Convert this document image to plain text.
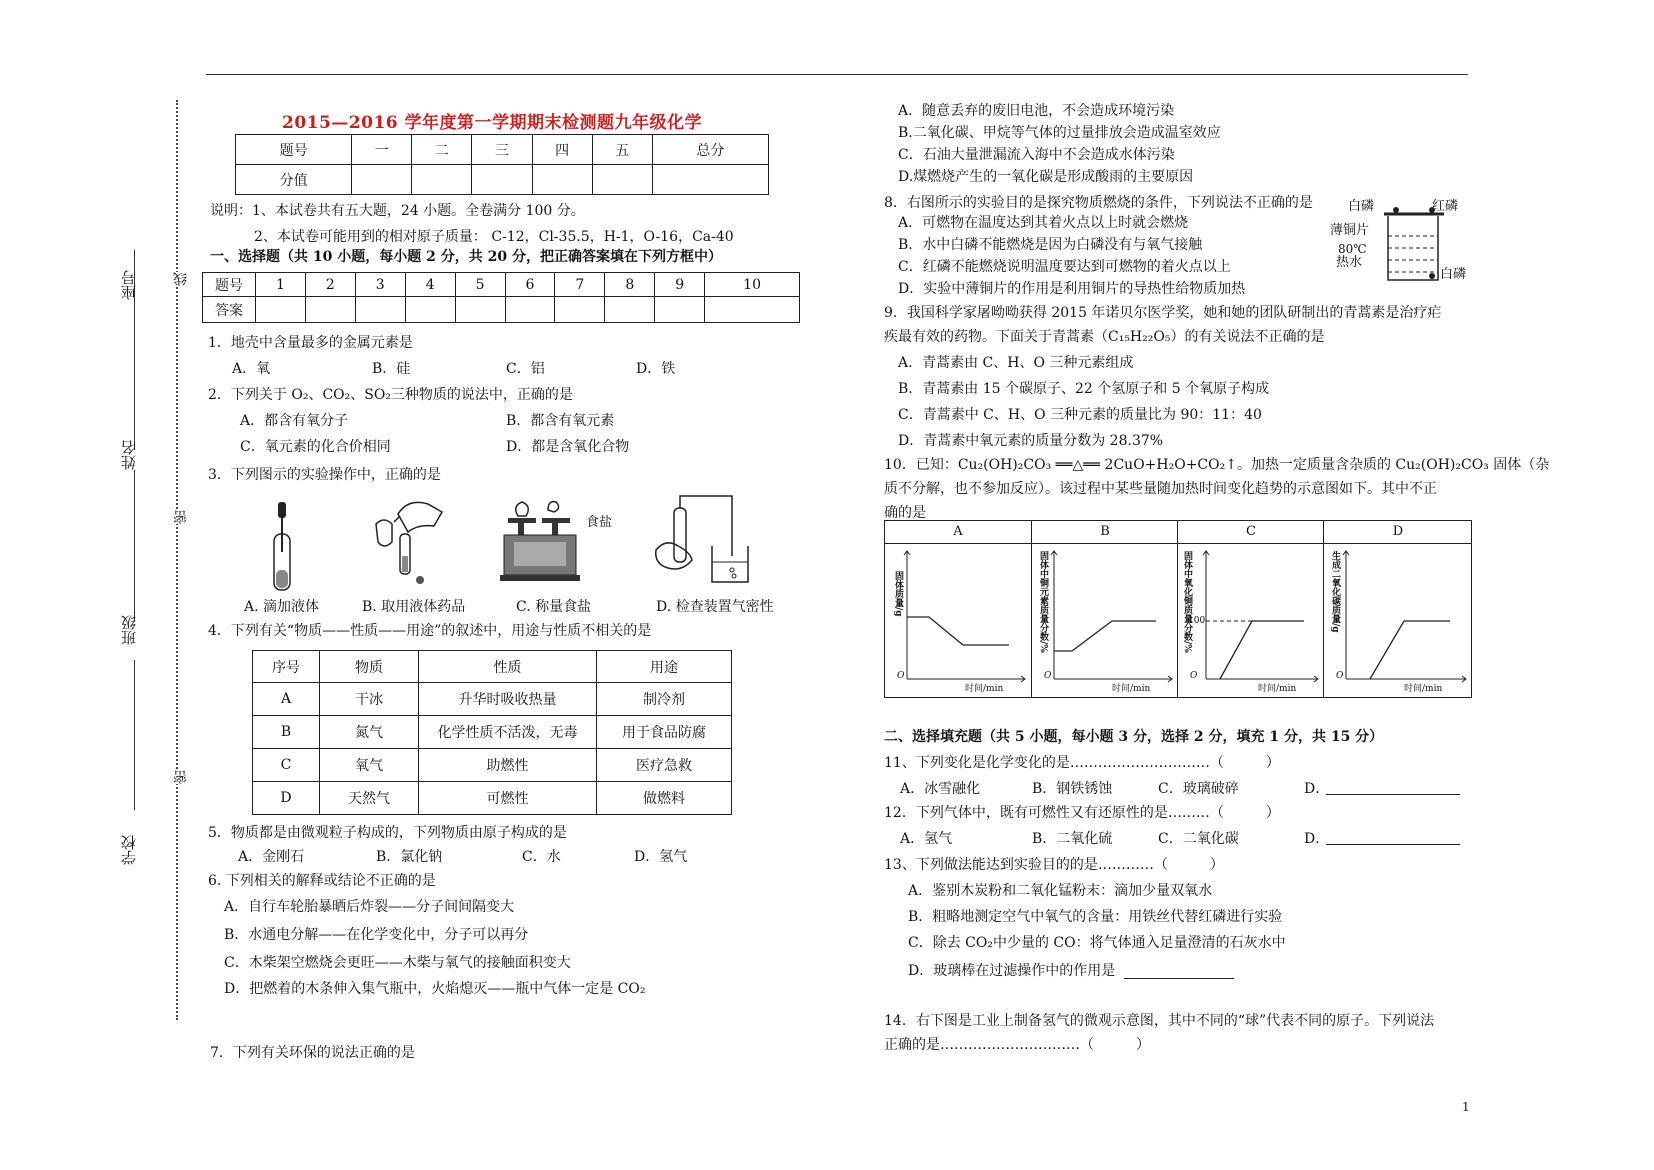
座号
姓名
班级
学校
线
密
密
2015—2016 学年度第一学期期末检测题九年级化学
题号	一	二	三	四	五	总分
分值						
说明：1、本试卷共有五大题，24 小题。全卷满分 100 分。
2、本试卷可能用到的相对原子质量： C-12，Cl-35.5，H-1，O-16，Ca-40
一、选择题（共 10 小题，每小题 2 分，共 20 分，把正确答案填在下列方框中）
题号	1	2	3	4	5	6	7	8	9	10
答案										
1．地壳中含量最多的金属元素是
A．氧	B．硅	C．铝	D．铁
2．下列关于 O₂、CO₂、SO₂三种物质的说法中，正确的是
A．都含有氧分子	B．都含有氧元素
C．氧元素的化合价相同	D．都是含氧化合物
3．下列图示的实验操作中，正确的是
食盐
A. 滴加液体	B. 取用液体药品	C. 称量食盐	D. 检查装置气密性
4．下列有关“物质——性质——用途”的叙述中，用途与性质不相关的是
序号	物质	性质	用途
A	干冰	升华时吸收热量	制冷剂
B	氮气	化学性质不活泼，无毒	用于食品防腐
C	氧气	助燃性	医疗急救
D	天然气	可燃性	做燃料
5．物质都是由微观粒子构成的，下列物质由原子构成的是
A．金刚石	B．氯化钠	C．水	D．氢气
6. 下列相关的解释或结论不正确的是
A．自行车轮胎暴晒后炸裂——分子间间隔变大
B．水通电分解——在化学变化中，分子可以再分
C．木柴架空燃烧会更旺——木柴与氧气的接触面积变大
D．把燃着的木条伸入集气瓶中，火焰熄灭——瓶中气体一定是 CO₂
7．下列有关环保的说法正确的是
A．随意丢弃的废旧电池，不会造成环境污染
B.二氧化碳、甲烷等气体的过量排放会造成温室效应
C．石油大量泄漏流入海中不会造成水体污染
D.煤燃烧产生的一氧化碳是形成酸雨的主要原因
8．右图所示的实验目的是探究物质燃烧的条件，下列说法不正确的是
A．可燃物在温度达到其着火点以上时就会燃烧
B．水中白磷不能燃烧是因为白磷没有与氧气接触
C．红磷不能燃烧说明温度要达到可燃物的着火点以上
D．实验中薄铜片的作用是利用铜片的导热性给物质加热
白磷	红磷
薄铜片
80℃
热水
白磷
9．我国科学家屠呦呦获得 2015 年诺贝尔医学奖，她和她的团队研制出的青蒿素是治疗疟
疾最有效的药物。下面关于青蒿素（C₁₅H₂₂O₅）的有关说法不正确的是
A．青蒿素由 C、H、O 三种元素组成
B．青蒿素由 15 个碳原子、22 个氢原子和 5 个氧原子构成
C．青蒿素中 C、H、O 三种元素的质量比为 90：11：40
D．青蒿素中氧元素的质量分数为 28.37%
10．已知：Cu₂(OH)₂CO₃ ══△══ 2CuO+H₂O+CO₂↑。加热一定质量含杂质的 Cu₂(OH)₂CO₃ 固体（杂
质不分解，也不参加反应）。该过程中某些量随加热时间变化趋势的示意图如下。其中不正
确的是
A
固体质量/g
O
时间/min
B
固体中铜元素质量分数/%
O
时间/min
C
固体中氧化铜质量分数/%
100
O
时间/min
D
生成二氧化碳质量/g
O
时间/min
二、选择填充题（共 5 小题，每小题 3 分，选择 2 分，填充 1 分，共 15 分）
11、下列变化是化学变化的是…………………………（　　　）
A．冰雪融化	B．钢铁锈蚀	C．玻璃破碎	D．
12．下列气体中，既有可燃性又有还原性的是………（　　　）
A．氢气	B．二氧化硫	C．二氧化碳	D．
13、下列做法能达到实验目的的是…………（　　　）
A．鉴别木炭粉和二氧化锰粉末：滴加少量双氧水
B．粗略地测定空气中氧气的含量：用铁丝代替红磷进行实验
C．除去 CO₂中少量的 CO：将气体通入足量澄清的石灰水中
D．玻璃棒在过滤操作中的作用是
14．右下图是工业上制备氢气的微观示意图，其中不同的“球”代表不同的原子。下列说法
正确的是…………………………（　　　）
1
